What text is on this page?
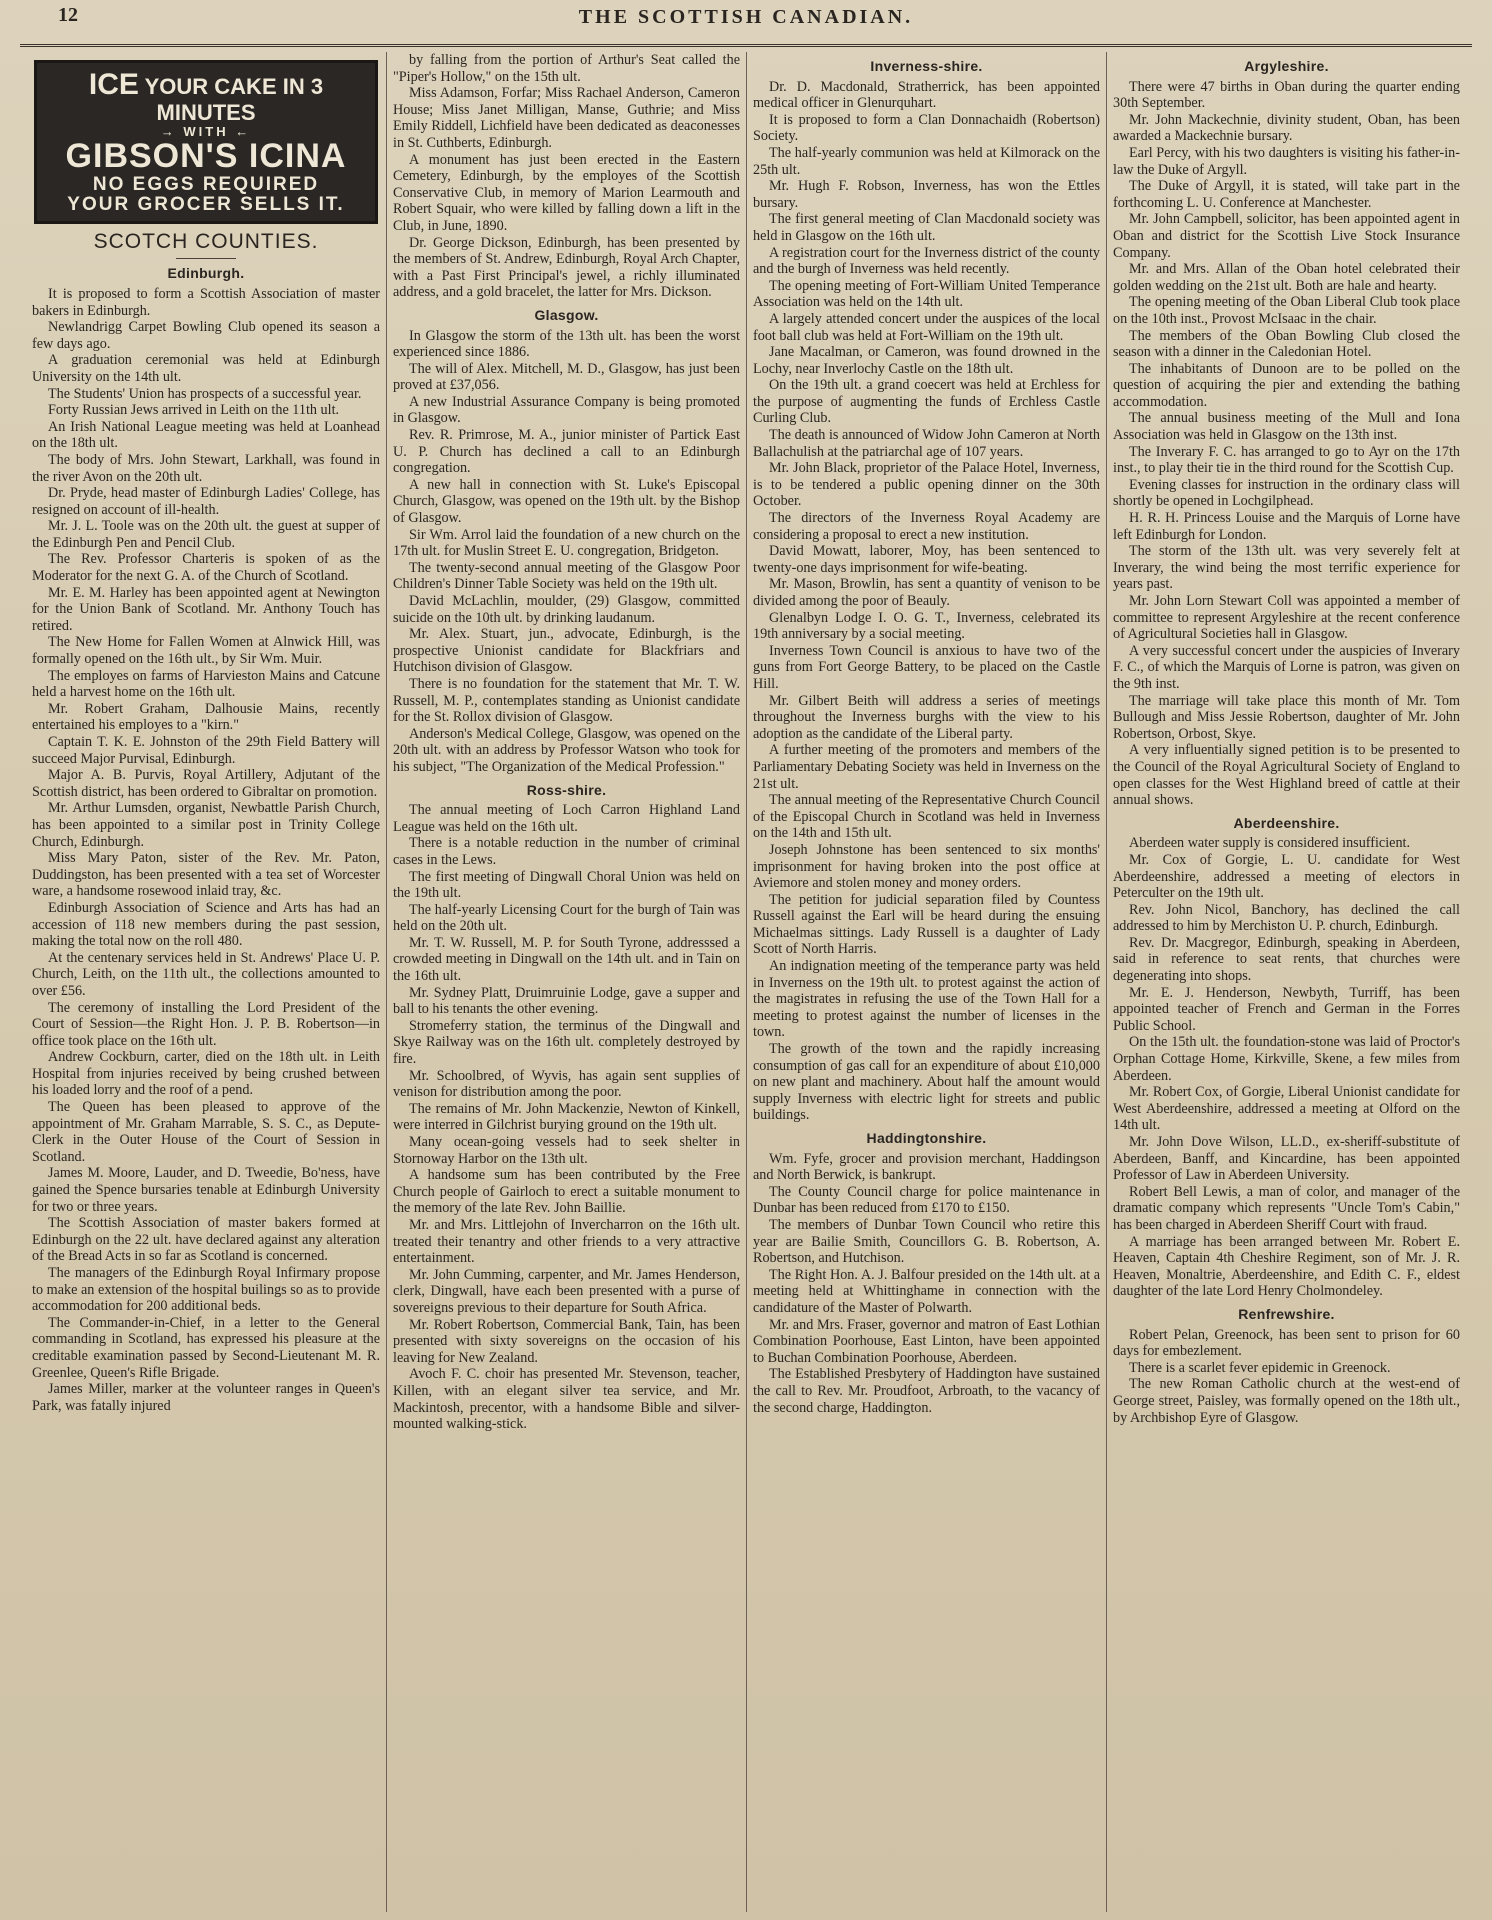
12	THE SCOTTISH CANADIAN.
ICE YOUR CAKE IN 3 MINUTES
→ WITH ←
GIBSON'S ICINA
NO EGGS REQUIRED
YOUR GROCER SELLS IT.
SCOTCH COUNTIES.
Edinburgh.

It is proposed to form a Scottish Association of master bakers in Edinburgh.

Newlandrigg Carpet Bowling Club opened its season a few days ago.

A graduation ceremonial was held at Edinburgh University on the 14th ult.

The Students' Union has prospects of a successful year.

Forty Russian Jews arrived in Leith on the 11th ult.

An Irish National League meeting was held at Loanhead on the 18th ult.

The body of Mrs. John Stewart, Larkhall, was found in the river Avon on the 20th ult.

Dr. Pryde, head master of Edinburgh Ladies' College, has resigned on account of ill-health.

Mr. J. L. Toole was on the 20th ult. the guest at supper of the Edinburgh Pen and Pencil Club.

The Rev. Professor Charteris is spoken of as the Moderator for the next G. A. of the Church of Scotland.

Mr. E. M. Harley has been appointed agent at Newington for the Union Bank of Scotland. Mr. Anthony Touch has retired.

The New Home for Fallen Women at Alnwick Hill, was formally opened on the 16th ult., by Sir Wm. Muir.

The employes on farms of Harvieston Mains and Catcune held a harvest home on the 16th ult.

Mr. Robert Graham, Dalhousie Mains, recently entertained his employes to a "kirn."

Captain T. K. E. Johnston of the 29th Field Battery will succeed Major Purvisal, Edinburgh.

Major A. B. Purvis, Royal Artillery, Adjutant of the Scottish district, has been ordered to Gibraltar on promotion.

Mr. Arthur Lumsden, organist, Newbattle Parish Church, has been appointed to a similar post in Trinity College Church, Edinburgh.

Miss Mary Paton, sister of the Rev. Mr. Paton, Duddingston, has been presented with a tea set of Worcester ware, a handsome rosewood inlaid tray, &c.

Edinburgh Association of Science and Arts has had an accession of 118 new members during the past session, making the total now on the roll 480.

At the centenary services held in St. Andrews' Place U. P. Church, Leith, on the 11th ult., the collections amounted to over £56.

The ceremony of installing the Lord President of the Court of Session—the Right Hon. J. P. B. Robertson—in office took place on the 16th ult.

Andrew Cockburn, carter, died on the 18th ult. in Leith Hospital from injuries received by being crushed between his loaded lorry and the roof of a pend.

The Queen has been pleased to approve of the appointment of Mr. Graham Marrable, S. S. C., as Depute-Clerk in the Outer House of the Court of Session in Scotland.

James M. Moore, Lauder, and D. Tweedie, Bo'ness, have gained the Spence bursaries tenable at Edinburgh University for two or three years.

The Scottish Association of master bakers formed at Edinburgh on the 22 ult. have declared against any alteration of the Bread Acts in so far as Scotland is concerned.

The managers of the Edinburgh Royal Infirmary propose to make an extension of the hospital builings so as to provide accommodation for 200 additional beds.

The Commander-in-Chief, in a letter to the General commanding in Scotland, has expressed his pleasure at the creditable examination passed by Second-Lieutenant M. R. Greenlee, Queen's Rifle Brigade.

James Miller, marker at the volunteer ranges in Queen's Park, was fatally injured

by falling from the portion of Arthur's Seat called the "Piper's Hollow," on the 15th ult.

Miss Adamson, Forfar; Miss Rachael Anderson, Cameron House; Miss Janet Milligan, Manse, Guthrie; and Miss Emily Riddell, Lichfield have been dedicated as deaconesses in St. Cuthberts, Edinburgh.

A monument has just been erected in the Eastern Cemetery, Edinburgh, by the employes of the Scottish Conservative Club, in memory of Marion Learmouth and Robert Squair, who were killed by falling down a lift in the Club, in June, 1890.

Dr. George Dickson, Edinburgh, has been presented by the members of St. Andrew, Edinburgh, Royal Arch Chapter, with a Past First Principal's jewel, a richly illuminated address, and a gold bracelet, the latter for Mrs. Dickson.

Glasgow.

In Glasgow the storm of the 13th ult. has been the worst experienced since 1886.

The will of Alex. Mitchell, M. D., Glasgow, has just been proved at £37,056.

A new Industrial Assurance Company is being promoted in Glasgow.

Rev. R. Primrose, M. A., junior minister of Partick East U. P. Church has declined a call to an Edinburgh congregation.

A new hall in connection with St. Luke's Episcopal Church, Glasgow, was opened on the 19th ult. by the Bishop of Glasgow.

Sir Wm. Arrol laid the foundation of a new church on the 17th ult. for Muslin Street E. U. congregation, Bridgeton.

The twenty-second annual meeting of the Glasgow Poor Children's Dinner Table Society was held on the 19th ult.

David McLachlin, moulder, (29) Glasgow, committed suicide on the 10th ult. by drinking laudanum.

Mr. Alex. Stuart, jun., advocate, Edinburgh, is the prospective Unionist candidate for Blackfriars and Hutchison division of Glasgow.

There is no foundation for the statement that Mr. T. W. Russell, M. P., contemplates standing as Unionist candidate for the St. Rollox division of Glasgow.

Anderson's Medical College, Glasgow, was opened on the 20th ult. with an address by Professor Watson who took for his subject, "The Organization of the Medical Profession."

Ross-shire.

The annual meeting of Loch Carron Highland Land League was held on the 16th ult.

There is a notable reduction in the number of criminal cases in the Lews.

The first meeting of Dingwall Choral Union was held on the 19th ult.

The half-yearly Licensing Court for the burgh of Tain was held on the 20th ult.

Mr. T. W. Russell, M. P. for South Tyrone, addresssed a crowded meeting in Dingwall on the 14th ult. and in Tain on the 16th ult.

Mr. Sydney Platt, Druimruinie Lodge, gave a supper and ball to his tenants the other evening.

Stromeferry station, the terminus of the Dingwall and Skye Railway was on the 16th ult. completely destroyed by fire.

Mr. Schoolbred, of Wyvis, has again sent supplies of venison for distribution among the poor.

The remains of Mr. John Mackenzie, Newton of Kinkell, were interred in Gilchrist burying ground on the 19th ult.

Many ocean-going vessels had to seek shelter in Stornoway Harbor on the 13th ult.

A handsome sum has been contributed by the Free Church people of Gairloch to erect a suitable monument to the memory of the late Rev. John Baillie.

Mr. and Mrs. Littlejohn of Invercharron on the 16th ult. treated their tenantry and other friends to a very attractive entertainment.

Mr. John Cumming, carpenter, and Mr. James Henderson, clerk, Dingwall, have each been presented with a purse of sovereigns previous to their departure for South Africa.

Mr. Robert Robertson, Commercial Bank, Tain, has been presented with sixty sovereigns on the occasion of his leaving for New Zealand.

Avoch F. C. choir has presented Mr. Stevenson, teacher, Killen, with an elegant silver tea service, and Mr. Mackintosh, precentor, with a handsome Bible and silver-mounted walking-stick.

Inverness-shire.

Dr. D. Macdonald, Stratherrick, has been appointed medical officer in Glenurquhart.

It is proposed to form a Clan Donnachaidh (Robertson) Society.

The half-yearly communion was held at Kilmorack on the 25th ult.

Mr. Hugh F. Robson, Inverness, has won the Ettles bursary.

The first general meeting of Clan Macdonald society was held in Glasgow on the 16th ult.

A registration court for the Inverness district of the county and the burgh of Inverness was held recently.

The opening meeting of Fort-William United Temperance Association was held on the 14th ult.

A largely attended concert under the auspices of the local foot ball club was held at Fort-William on the 19th ult.

Jane Macalman, or Cameron, was found drowned in the Lochy, near Inverlochy Castle on the 18th ult.

On the 19th ult. a grand coecert was held at Erchless for the purpose of augmenting the funds of Erchless Castle Curling Club.

The death is announced of Widow John Cameron at North Ballachulish at the patriarchal age of 107 years.

Mr. John Black, proprietor of the Palace Hotel, Inverness, is to be tendered a public opening dinner on the 30th October.

The directors of the Inverness Royal Academy are considering a proposal to erect a new institution.

David Mowatt, laborer, Moy, has been sentenced to twenty-one days imprisonment for wife-beating.

Mr. Mason, Browlin, has sent a quantity of venison to be divided among the poor of Beauly.

Glenalbyn Lodge I. O. G. T., Inverness, celebrated its 19th anniversary by a social meeting.

Inverness Town Council is anxious to have two of the guns from Fort George Battery, to be placed on the Castle Hill.

Mr. Gilbert Beith will address a series of meetings throughout the Inverness burghs with the view to his adoption as the candidate of the Liberal party.

A further meeting of the promoters and members of the Parliamentary Debating Society was held in Inverness on the 21st ult.

The annual meeting of the Representative Church Council of the Episcopal Church in Scotland was held in Inverness on the 14th and 15th ult.

Joseph Johnstone has been sentenced to six months' imprisonment for having broken into the post office at Aviemore and stolen money and money orders.

The petition for judicial separation filed by Countess Russell against the Earl will be heard during the ensuing Michaelmas sittings. Lady Russell is a daughter of Lady Scott of North Harris.

An indignation meeting of the temperance party was held in Inverness on the 19th ult. to protest against the action of the magistrates in refusing the use of the Town Hall for a meeting to protest against the number of licenses in the town.

The growth of the town and the rapidly increasing consumption of gas call for an expenditure of about £10,000 on new plant and machinery. About half the amount would supply Inverness with electric light for streets and public buildings.

Haddingtonshire.

Wm. Fyfe, grocer and provision merchant, Haddingson and North Berwick, is bankrupt.

The County Council charge for police maintenance in Dunbar has been reduced from £170 to £150.

The members of Dunbar Town Council who retire this year are Bailie Smith, Councillors G. B. Robertson, A. Robertson, and Hutchison.

The Right Hon. A. J. Balfour presided on the 14th ult. at a meeting held at Whittinghame in connection with the candidature of the Master of Polwarth.

Mr. and Mrs. Fraser, governor and matron of East Lothian Combination Poorhouse, East Linton, have been appointed to Buchan Combination Poorhouse, Aberdeen.

The Established Presbytery of Haddington have sustained the call to Rev. Mr. Proudfoot, Arbroath, to the vacancy of the second charge, Haddington.

Argyleshire.

There were 47 births in Oban during the quarter ending 30th September.

Mr. John Mackechnie, divinity student, Oban, has been awarded a Mackechnie bursary.

Earl Percy, with his two daughters is visiting his father-in-law the Duke of Argyll.

The Duke of Argyll, it is stated, will take part in the forthcoming L. U. Conference at Manchester.

Mr. John Campbell, solicitor, has been appointed agent in Oban and district for the Scottish Live Stock Insurance Company.

Mr. and Mrs. Allan of the Oban hotel celebrated their golden wedding on the 21st ult. Both are hale and hearty.

The opening meeting of the Oban Liberal Club took place on the 10th inst., Provost McIsaac in the chair.

The members of the Oban Bowling Club closed the season with a dinner in the Caledonian Hotel.

The inhabitants of Dunoon are to be polled on the question of acquiring the pier and extending the bathing accommodation.

The annual business meeting of the Mull and Iona Association was held in Glasgow on the 13th inst.

The Inverary F. C. has arranged to go to Ayr on the 17th inst., to play their tie in the third round for the Scottish Cup.

Evening classes for instruction in the ordinary class will shortly be opened in Lochgilphead.

H. R. H. Princess Louise and the Marquis of Lorne have left Edinburgh for London.

The storm of the 13th ult. was very severely felt at Inverary, the wind being the most terrific experience for years past.

Mr. John Lorn Stewart Coll was appointed a member of committee to represent Argyleshire at the recent conference of Agricultural Societies hall in Glasgow.

A very successful concert under the auspicies of Inverary F. C., of which the Marquis of Lorne is patron, was given on the 9th inst.

The marriage will take place this month of Mr. Tom Bullough and Miss Jessie Robertson, daughter of Mr. John Robertson, Orbost, Skye.

A very influentially signed petition is to be presented to the Council of the Royal Agricultural Society of England to open classes for the West Highland breed of cattle at their annual shows.

Aberdeenshire.

Aberdeen water supply is considered insufficient.

Mr. Cox of Gorgie, L. U. candidate for West Aberdeenshire, addressed a meeting of electors in Peterculter on the 19th ult.

Rev. John Nicol, Banchory, has declined the call addressed to him by Merchiston U. P. church, Edinburgh.

Rev. Dr. Macgregor, Edinburgh, speaking in Aberdeen, said in reference to seat rents, that churches were degenerating into shops.

Mr. E. J. Henderson, Newbyth, Turriff, has been appointed teacher of French and German in the Forres Public School.

On the 15th ult. the foundation-stone was laid of Proctor's Orphan Cottage Home, Kirkville, Skene, a few miles from Aberdeen.

Mr. Robert Cox, of Gorgie, Liberal Unionist candidate for West Aberdeenshire, addressed a meeting at Olford on the 14th ult.

Mr. John Dove Wilson, LL.D., ex-sheriff-substitute of Aberdeen, Banff, and Kincardine, has been appointed Professor of Law in Aberdeen University.

Robert Bell Lewis, a man of color, and manager of the dramatic company which represents "Uncle Tom's Cabin," has been charged in Aberdeen Sheriff Court with fraud.

A marriage has been arranged between Mr. Robert E. Heaven, Captain 4th Cheshire Regiment, son of Mr. J. R. Heaven, Monaltrie, Aberdeenshire, and Edith C. F., eldest daughter of the late Lord Henry Cholmondeley.

Renfrewshire.

Robert Pelan, Greenock, has been sent to prison for 60 days for embezlement.

There is a scarlet fever epidemic in Greenock.

The new Roman Catholic church at the west-end of George street, Paisley, was formally opened on the 18th ult., by Archbishop Eyre of Glasgow.
